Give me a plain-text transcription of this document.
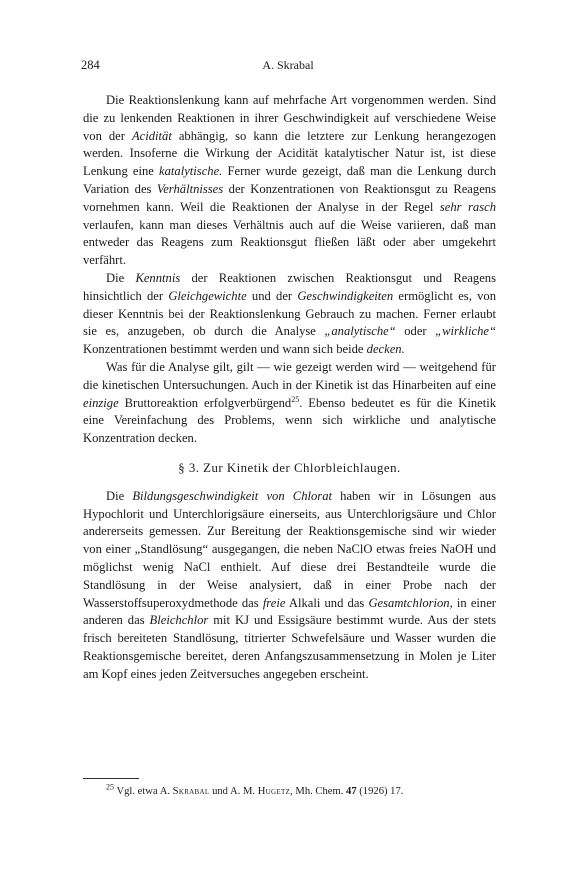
284	A. Skrabal

Die Reaktionslenkung kann auf mehrfache Art vorgenommen werden. Sind die zu lenkenden Reaktionen in ihrer Geschwindigkeit auf verschiedene Weise von der Acidität abhängig, so kann die letztere zur Lenkung herangezogen werden. Insoferne die Wirkung der Acidität katalytischer Natur ist, ist diese Lenkung eine katalytische. Ferner wurde gezeigt, daß man die Lenkung durch Variation des Verhältnisses der Konzentrationen von Reaktionsgut zu Reagens vornehmen kann. Weil die Reaktionen der Analyse in der Regel sehr rasch verlaufen, kann man dieses Verhältnis auch auf die Weise variieren, daß man entweder das Reagens zum Reaktionsgut fließen läßt oder aber umgekehrt verfährt.

Die Kenntnis der Reaktionen zwischen Reaktionsgut und Reagens hinsichtlich der Gleichgewichte und der Geschwindigkeiten ermöglicht es, von dieser Kenntnis bei der Reaktionslenkung Gebrauch zu machen. Ferner erlaubt sie es, anzugeben, ob durch die Analyse „analytische“ oder „wirkliche“ Konzentrationen bestimmt werden und wann sich beide decken.

Was für die Analyse gilt, gilt — wie gezeigt werden wird — weitgehend für die kinetischen Untersuchungen. Auch in der Kinetik ist das Hinarbeiten auf eine einzige Bruttoreaktion erfolgverbürgend$^{25}$. Ebenso bedeutet es für die Kinetik eine Vereinfachung des Problems, wenn sich wirkliche und analytische Konzentration decken.

§ 3. Zur Kinetik der Chlorbleichlaugen.

Die Bildungsgeschwindigkeit von Chlorat haben wir in Lösungen aus Hypochlorit und Unterchlorigsäure einerseits, aus Unterchlorigsäure und Chlor andererseits gemessen. Zur Bereitung der Reaktionsgemische sind wir wieder von einer „Standlösung“ ausgegangen, die neben NaClO etwas freies NaOH und möglichst wenig NaCl enthielt. Auf diese drei Bestandteile wurde die Standlösung in der Weise analysiert, daß in einer Probe nach der Wasserstoffsuperoxydmethode das freie Alkali und das Gesamtchlorion, in einer anderen das Bleichchlor mit KJ und Essigsäure bestimmt wurde. Aus der stets frisch bereiteten Standlösung, titrierter Schwefelsäure und Wasser wurden die Reaktionsgemische bereitet, deren Anfangszusammensetzung in Molen je Liter am Kopf eines jeden Zeitversuches angegeben erscheint.

$^{25}$ Vgl. etwa A. Skrabal und A. M. Hugetz, Mh. Chem. 47 (1926) 17.
